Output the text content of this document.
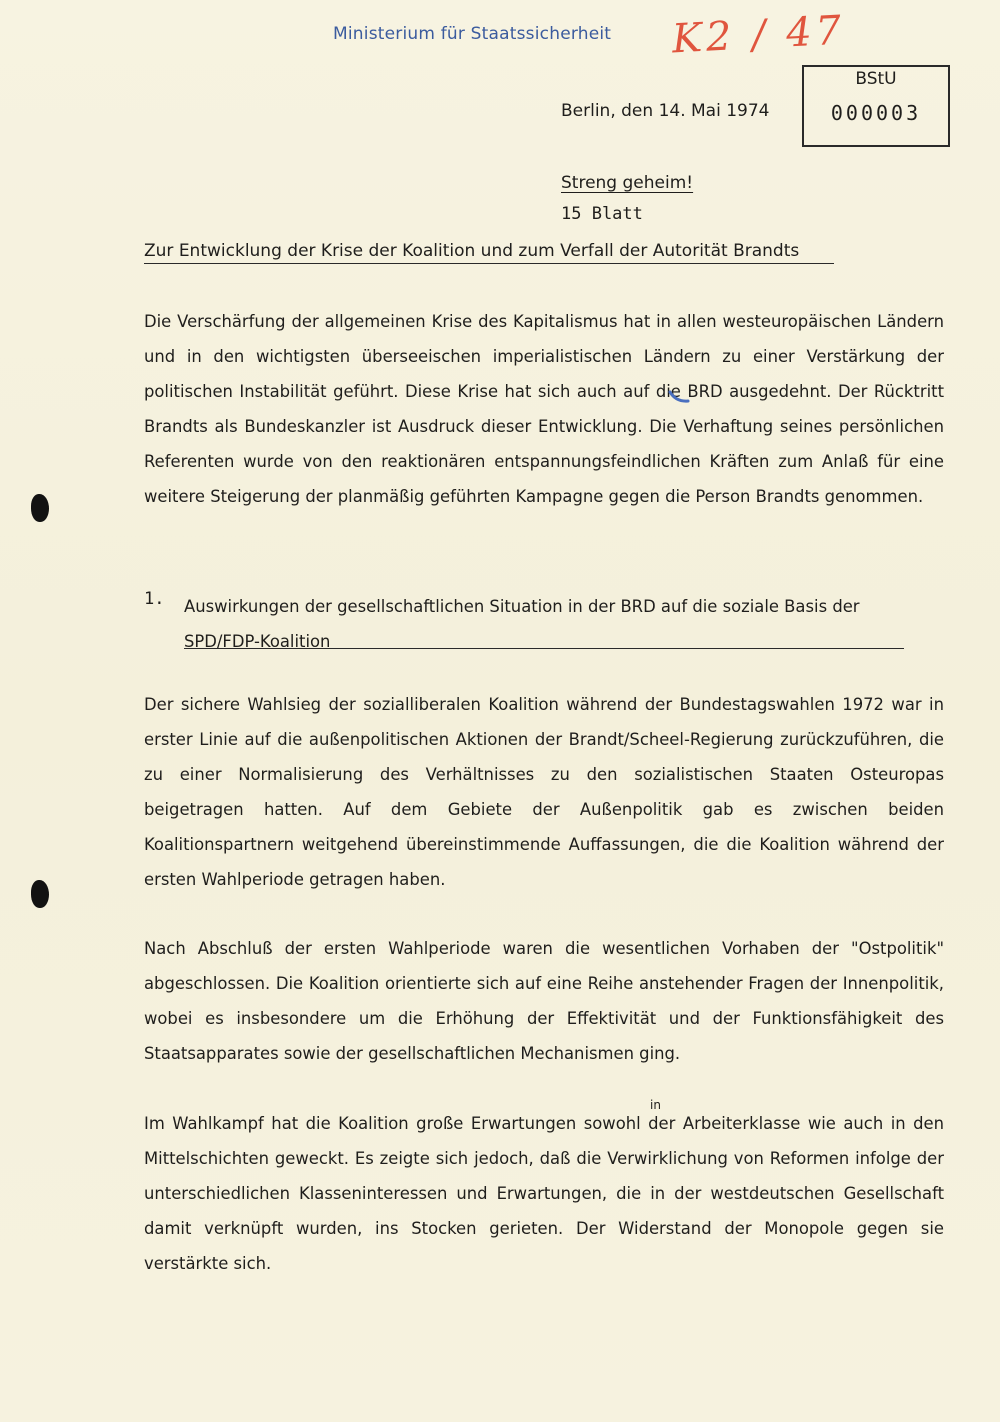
Ministerium für Staatssicherheit K2 / 47
BStU
000003
Berlin, den 14. Mai 1974
Streng geheim!
15 Blatt
Zur Entwicklung der Krise der Koalition und zum Verfall der Autorität Brandts
Die Verschärfung der allgemeinen Krise des Kapitalismus hat in allen westeuropäischen Ländern und in den wichtigsten überseeischen imperialistischen Ländern zu einer Verstärkung der politischen Instabilität geführt. Diese Krise hat sich auch auf die BRD ausgedehnt. Der Rücktritt Brandts als Bundeskanzler ist Ausdruck dieser Entwicklung. Die Verhaftung seines persönlichen Referenten wurde von den reaktionären entspannungsfeindlichen Kräften zum Anlaß für eine weitere Steigerung der planmäßig geführten Kampagne gegen die Person Brandts genommen.
1. Auswirkungen der gesellschaftlichen Situation in der BRD auf die soziale Basis der SPD/FDP-Koalition
Der sichere Wahlsieg der sozialliberalen Koalition während der Bundestagswahlen 1972 war in erster Linie auf die außenpolitischen Aktionen der Brandt/Scheel-Regierung zurückzuführen, die zu einer Normalisierung des Verhältnisses zu den sozialistischen Staaten Osteuropas beigetragen hatten. Auf dem Gebiete der Außenpolitik gab es zwischen beiden Koalitionspartnern weitgehend übereinstimmende Auffassungen, die die Koalition während der ersten Wahlperiode getragen haben.
Nach Abschluß der ersten Wahlperiode waren die wesentlichen Vorhaben der "Ostpolitik" abgeschlossen. Die Koalition orientierte sich auf eine Reihe anstehender Fragen der Innenpolitik, wobei es insbesondere um die Erhöhung der Effektivität und der Funktionsfähigkeit des Staatsapparates sowie der gesellschaftlichen Mechanismen ging.
Im Wahlkampf hat die Koalition große Erwartungen sowohl der Arbeiterklasse wie auch in den Mittelschichten geweckt. Es zeigte sich jedoch, daß die Verwirklichung von Reformen infolge der unterschiedlichen Klasseninteressen und Erwartungen, die in der westdeutschen Gesellschaft damit verknüpft wurden, ins Stocken gerieten. Der Widerstand der Monopole gegen sie verstärkte sich.
in
